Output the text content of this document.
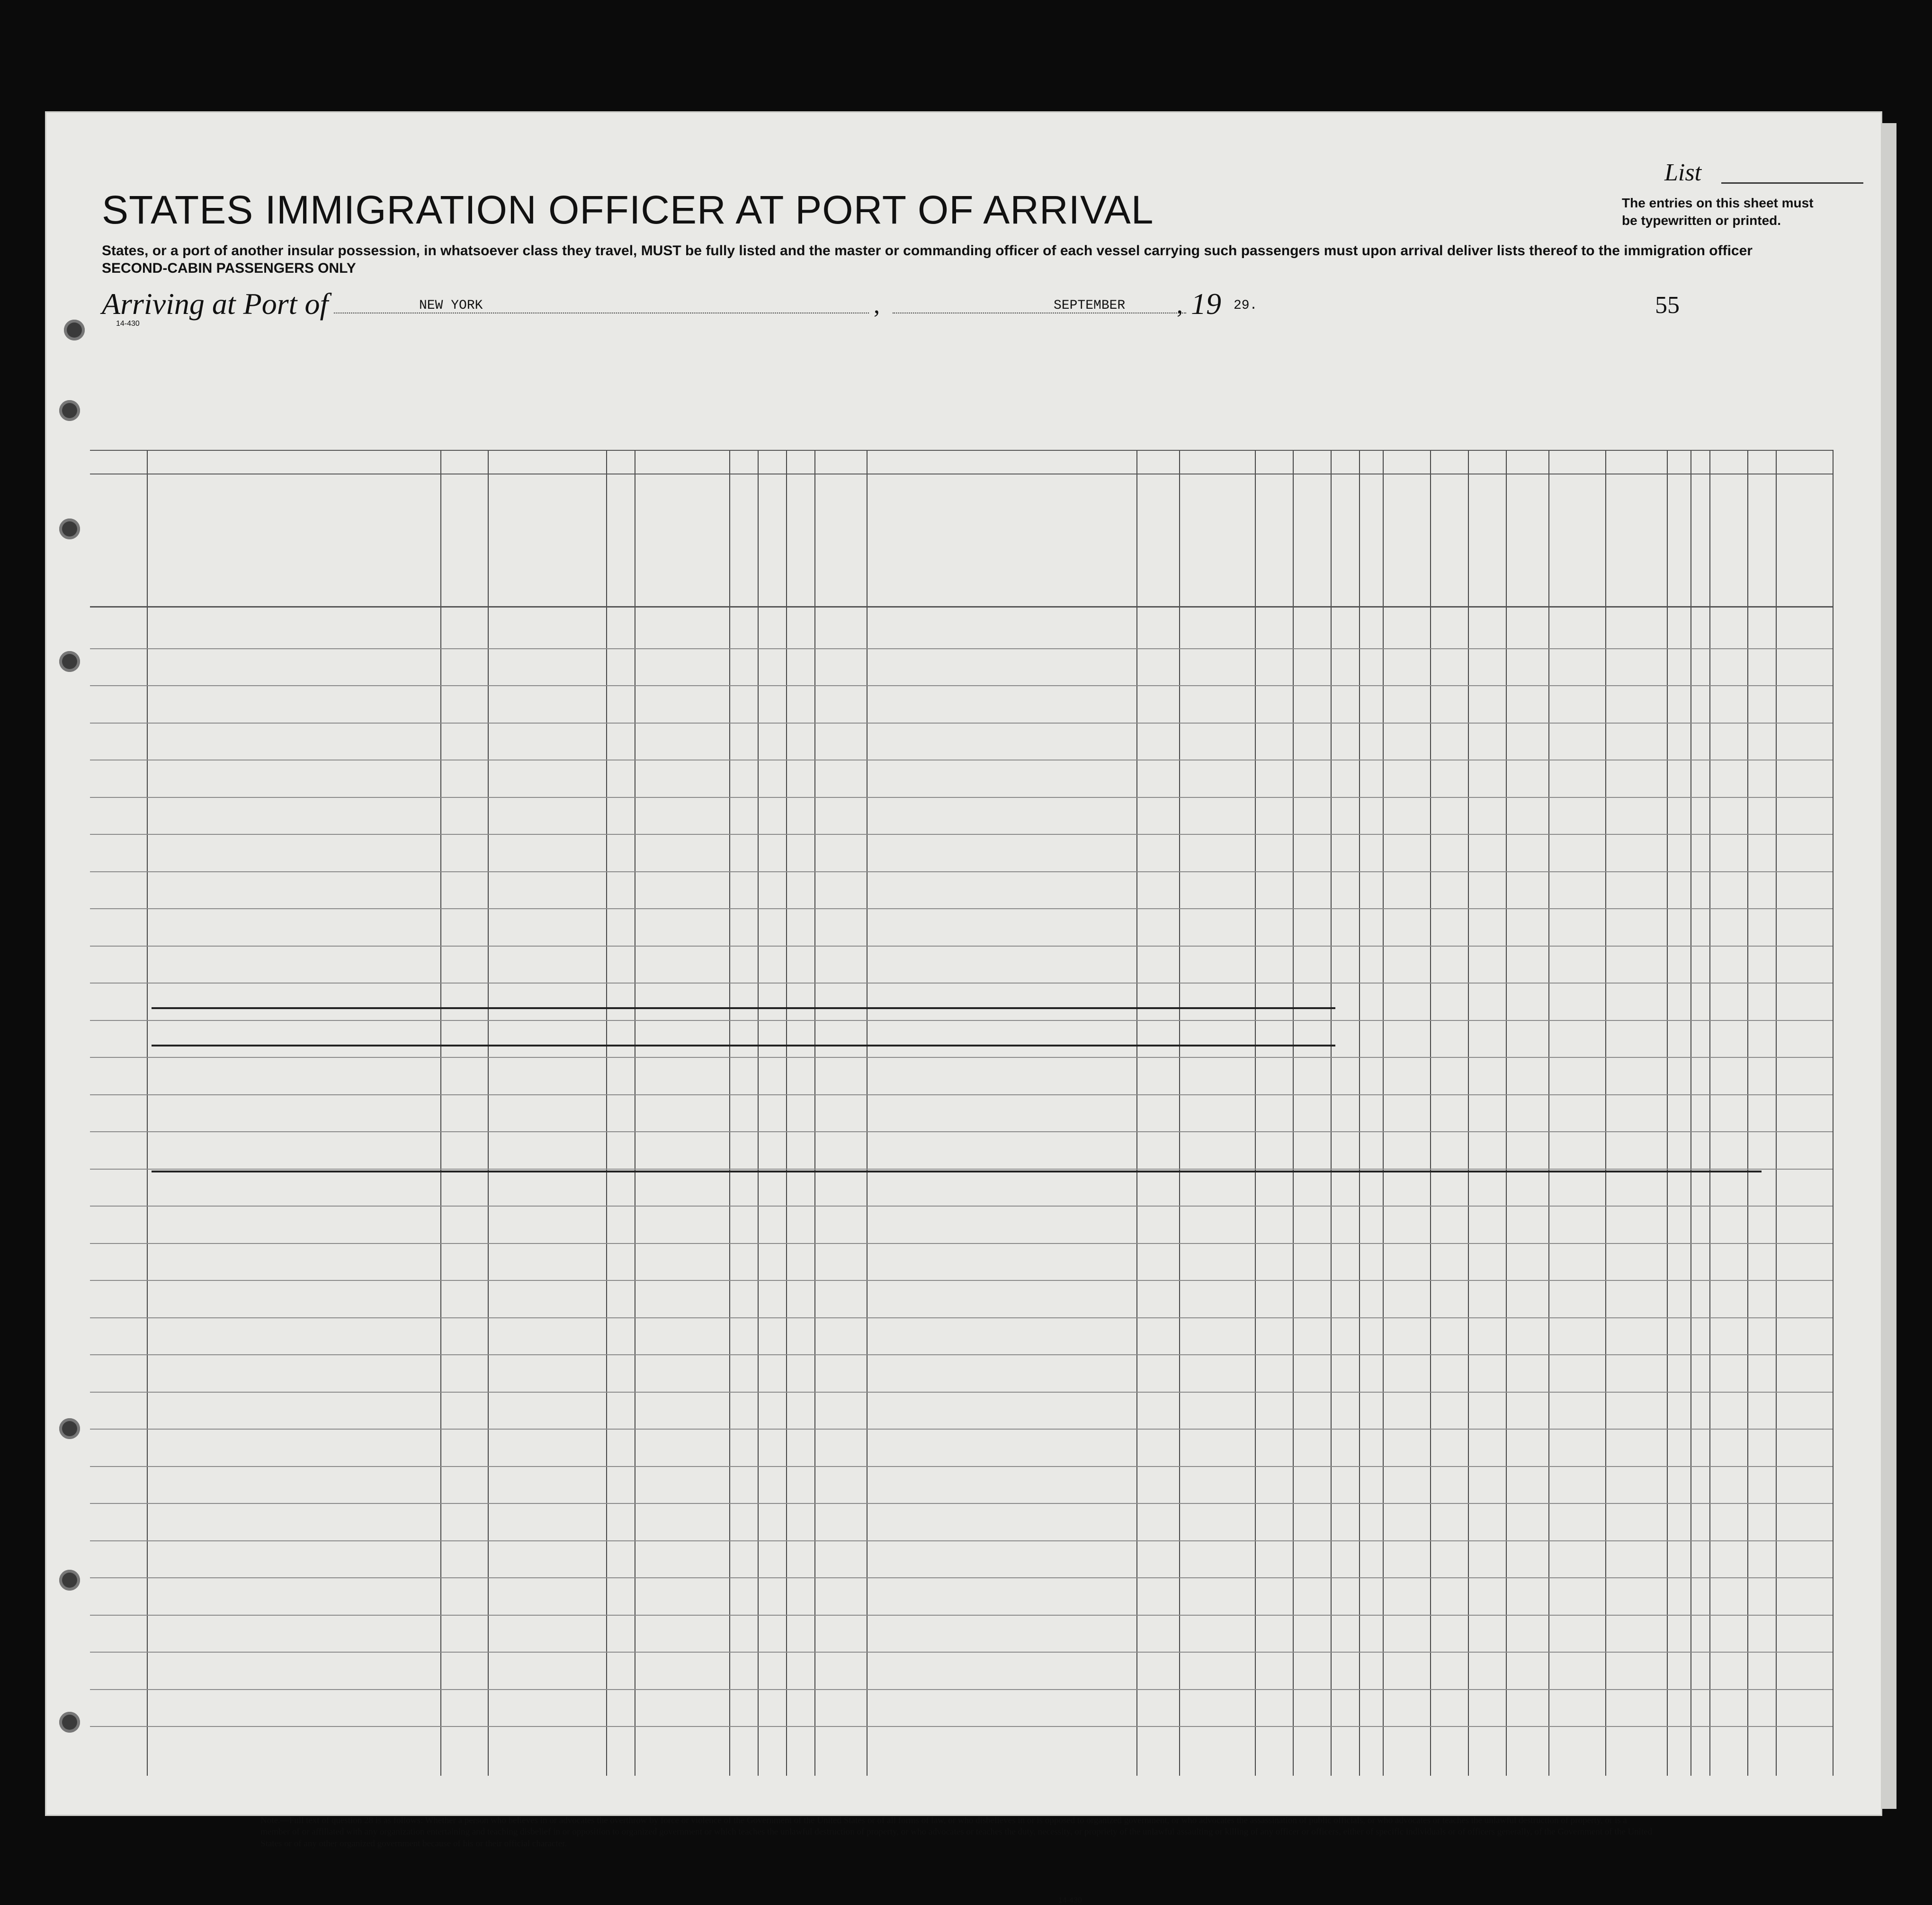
STATES IMMIGRATION OFFICER AT PORT OF ARRIVAL
States, or a port of another insular possession, in whatsoever class they travel, MUST be fully listed and the master or commanding officer of each vessel carrying such passengers must upon arrival deliver lists thereof to the immigration officer
SECOND-CABIN PASSENGERS ONLY
List
The entries on this sheet must
be typewritten or printed.
Arriving at Port of	NEW YORK	,	SEPTEMBER , 19 29.	55
14-430
Note.—Full text of question 28 is as follows: Whether a person who believes in or advocates the overthrow by force or violence of the Government of the United States or of all forms of law, or who disbelieves in or is opposed to organized government, or who advocates the assassination of public officials, or who advocates or teaches the unlawful destruction of property, or is a member of or affiliated with any organization entertaining and teaching disbelief in or opposition to organized government or which teaches the unlawful destruction of property, or who advocates or teaches the duty, necessity, or propriety of the unlawful assaulting or killing of any officer or officers, either of specific individuals or of officers generally, of the Government of the United States or of any other organized government because of his or their official character.
14-430
